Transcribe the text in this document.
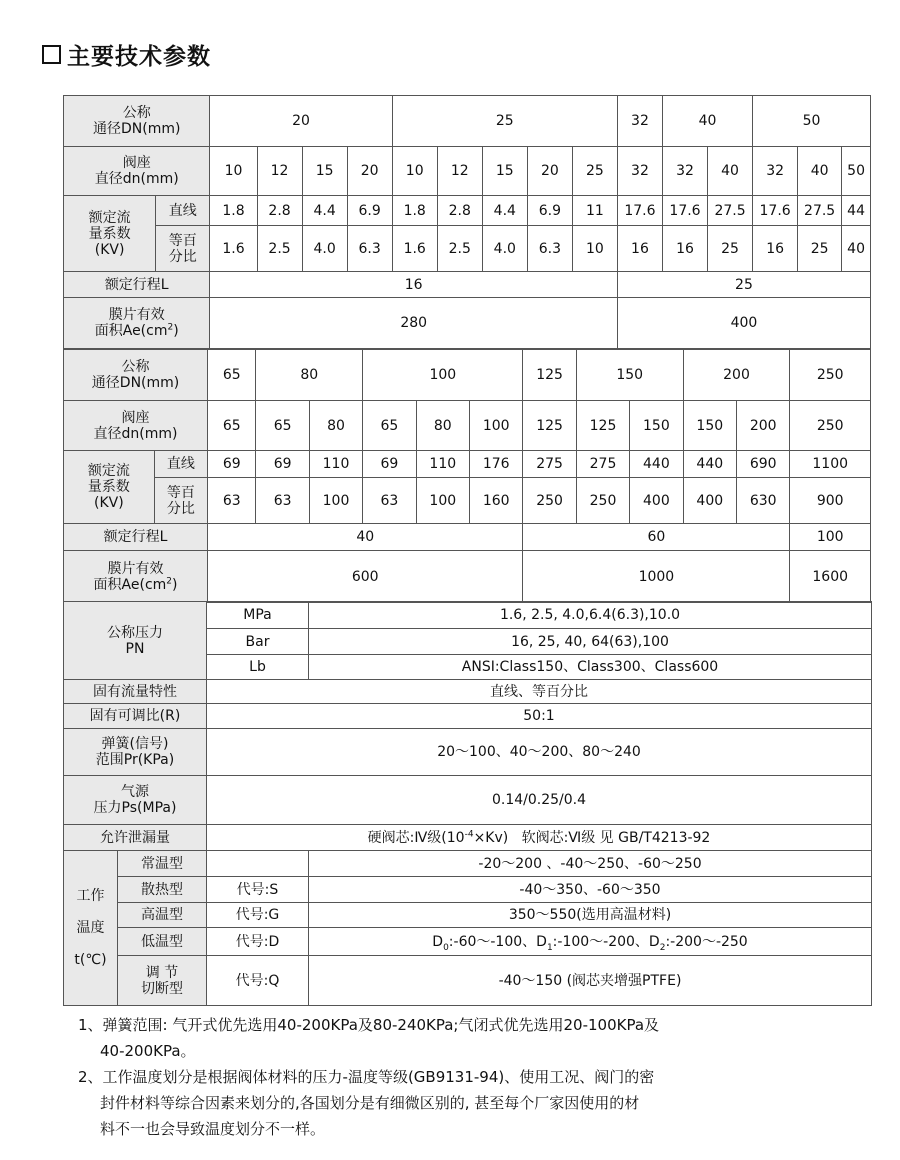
主要技术参数
公称
通径DN(mm)		20				25					32	40		50		
阀座
直径dn(mm)		10	12	15	20	10	12	15	20	25	32	32	40	32	40	50
额定流
量系数
(KV)	直线	1.8	2.8	4.4	6.9	1.8	2.8	4.4	6.9	11	17.6	17.6	27.5	17.6	27.5	44
	等百
分比	1.6	2.5	4.0	6.3	1.6	2.5	4.0	6.3	10	16	16	25	16	25	40
额定行程L		16									25					
膜片有效
面积$Ae(cm^2)$		280									400					
公称
通径DN(mm)		65	80		100			125	150		200		250
阀座
直径dn(mm)		65	65	80	65	80	100	125	125	150	150	200	250
额定流
量系数
(KV)	直线	69	69	110	69	110	176	275	275	440	440	690	1100
	等百
分比	63	63	100	63	100	160	250	250	400	400	630	900
额定行程L		40						60					100
膜片有效
面积$Ae(cm^2)$		600						1000					1600
公称压力
PN		MPa	1.6, 2.5, 4.0,6.4(6.3),10.0
		Bar	16, 25, 40, 64(63),100
		Lb	ANSI:Class150、Class300、Class600
固有流量特性		直线、等百分比	
固有可调比(R)		50:1	
弹簧(信号)
范围Pr(KPa)		20～100、40～200、80～240	
气源
压力Ps(MPa)		0.14/0.25/0.4	
允许泄漏量		硬阀芯:Ⅳ级$(10^{-4}\times Kv)$ 软阀芯:Ⅵ级 见 GB/T4213-92	
工作

温度

t(℃)	常温型		-20～200 、-40～250、-60～250
	散热型	代号:S	-40～350、-60～350
	高温型	代号:G	350～550(选用高温材料)
	低温型	代号:D	$D_0:-60\sim-100$、$D_1:-100\sim-200$、$D_2:-200\sim-250$
	调 节
切断型	代号:Q	-40～150 (阀芯夹增强PTFE)

1、弹簧范围: 气开式优先选用40-200KPa及80-240KPa;气闭式优先选用20-100KPa及

40-200KPa。

2、工作温度划分是根据阀体材料的压力-温度等级(GB9131-94)、使用工况、阀门的密

封件材料等综合因素来划分的,各国划分是有细微区别的, 甚至每个厂家因使用的材

料不一也会导致温度划分不一样。
